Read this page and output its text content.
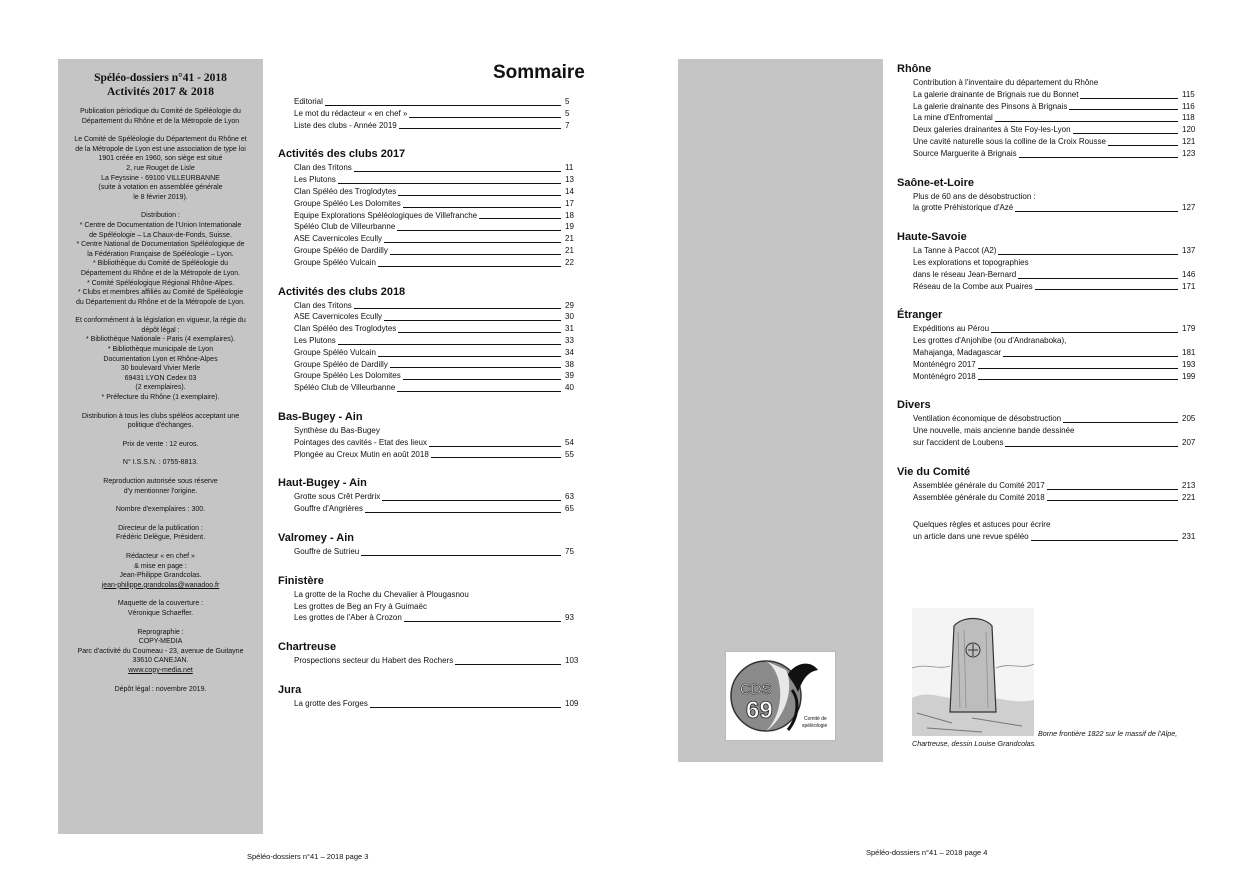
Spéléo-dossiers n°41 - 2018
Activités 2017 & 2018
Publication périodique du Comité de Spéléologie du
Département du Rhône et de la Métropole de Lyon
Le Comité de Spéléologie du Département du Rhône et
de la Métropole de Lyon est une association de type loi
1901 créée en 1960, son siège est situé
2, rue Rouget de Lisle
La Feyssine - 69100 VILLEURBANNE
(suite à votation en assemblée générale
le 8 février 2019).
Distribution :
* Centre de Documentation de l'Union Internationale
de Spéléologie – La Chaux-de-Fonds, Suisse.
* Centre National de Documentation Spéléologique de
la Fédération Française de Spéléologie – Lyon.
* Bibliothèque du Comité de Spéléologie du
Département du Rhône et de la Métropole de Lyon.
* Comité Spéléologique Régional Rhône-Alpes.
* Clubs et membres affiliés au Comité de Spéléologie
du Département du Rhône et de la Métropole de Lyon.
Et conformément à la législation en vigueur, la régie du
dépôt légal :
* Bibliothèque Nationale - Paris (4 exemplaires).
* Bibliothèque municipale de Lyon
Documentation Lyon et Rhône-Alpes
30 boulevard Vivier Merle
69431 LYON Cedex 03
(2 exemplaires).
* Préfecture du Rhône (1 exemplaire).
Distribution à tous les clubs spéléos acceptant une
politique d'échanges.
Prix de vente : 12 euros.
N° I.S.S.N. : 0755-8813.
Reproduction autorisée sous réserve
d'y mentionner l'origine.
Nombre d'exemplaires : 300.
Directeur de la publication :
Frédéric Delègue, Président.
Rédacteur « en chef »
& mise en page :
Jean-Philippe Grandcolas.
jean-philippe.grandcolas@wanadoo.fr
Maquette de la couverture :
Véronique Schaeffer.
Reprographie :
COPY-MEDIA
Parc d'activité du Coumeau - 23, avenue de Guitayne
33610 CANEJAN.
www.copy-media.net
Dépôt légal : novembre 2019.
Sommaire
Editorial	5
Le mot du rédacteur « en chef »	5
Liste des clubs - Année 2019	7
Activités des clubs 2017
Clan des Tritons	11
Les Plutons	13
Clan Spéléo des Troglodytes	14
Groupe Spéléo Les Dolomites	17
Equipe Explorations Spéléologiques de Villefranche	18
Spéléo Club de Villeurbanne	19
ASE Cavernicoles Ecully	21
Groupe Spéléo de Dardilly	21
Groupe Spéléo Vulcain	22
Activités des clubs 2018
Clan des Tritons	29
ASE Cavernicoles Ecully	30
Clan Spéléo des Troglodytes	31
Les Plutons	33
Groupe Spéléo Vulcain	34
Groupe Spéléo de Dardilly	38
Groupe Spéléo Les Dolomites	39
Spéléo Club de Villeurbanne	40
Bas-Bugey - Ain
Synthèse du Bas-Bugey
Pointages des cavités - Etat des lieux	54
Plongée au Creux Mutin en août 2018	55
Haut-Bugey - Ain
Grotte sous Crêt Perdrix	63
Gouffre d'Angrières	65
Valromey - Ain
Gouffre de Sutrieu	75
Finistère
La grotte de la Roche du Chevalier à Plougasnou
Les grottes de Beg an Fry à Guimaëc
Les grottes de l'Aber à Crozon	93
Chartreuse
Prospections secteur du Habert des Rochers	103
Jura
La grotte des Forges	109
CDS
69	Comité de
spéléologie
Rhône
Contribution à l'inventaire du département du Rhône
La galerie drainante de Brignais rue du Bonnet	115
La galerie drainante des Pinsons à Brignais	116
La mine d'Enfromental	118
Deux galeries drainantes à Ste Foy-les-Lyon	120
Une cavité naturelle sous la colline de la Croix Rousse	121
Source Marguerite à Brignais	123
Saône-et-Loire
Plus de 60 ans de désobstruction :
la grotte Préhistorique d'Azé	127
Haute-Savoie
La Tanne à Paccot (A2)	137
Les explorations et topographies
dans le réseau Jean-Bernard	146
Réseau de la Combe aux Puaires	171
Étranger
Expéditions au Pérou	179
Les grottes d'Anjohibe (ou d'Andranaboka),
Mahajanga, Madagascar	181
Monténégro 2017	193
Monténégro 2018	199
Divers
Ventilation économique de désobstruction	205
Une nouvelle, mais ancienne bande dessinée
sur l'accident de Loubens	207
Vie du Comité
Assemblée générale du Comité 2017	213
Assemblée générale du Comité 2018	221
Quelques règles et astuces pour écrire
un article dans une revue spéléo	231
Borne frontière 1822 sur le massif de l'Alpe,
Chartreuse, dessin Louise Grandcolas.
Spéléo-dossiers n°41 – 2018 page 3	Spéléo-dossiers n°41 – 2018 page 4
